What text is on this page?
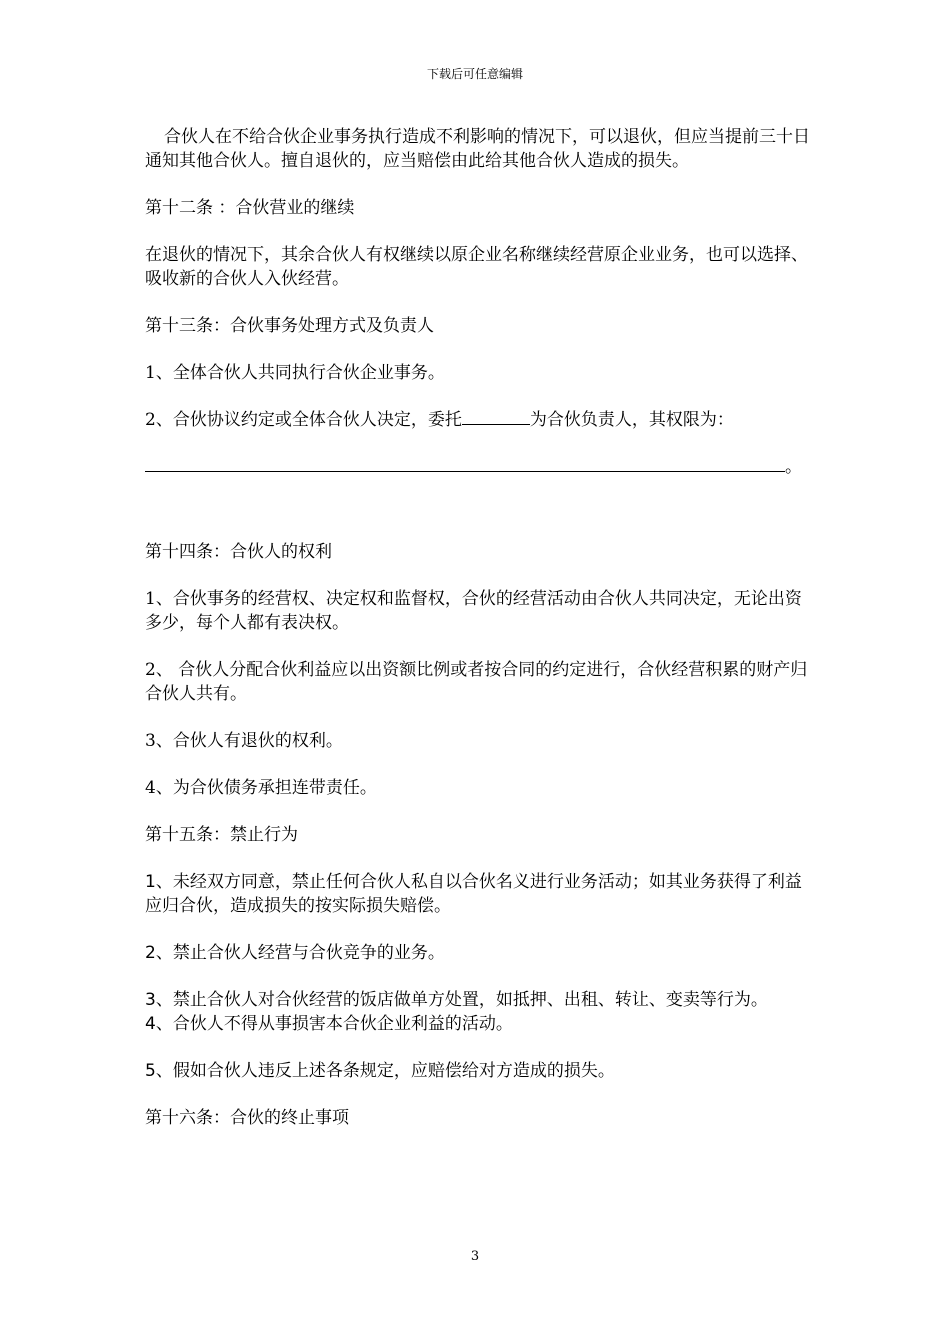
下载后可任意编辑

合伙人在不给合伙企业事务执行造成不利影响的情况下，可以退伙，但应当提前三十日通知其他合伙人。擅自退伙的，应当赔偿由此给其他合伙人造成的损失。

第十二条 ：合伙营业的继续

在退伙的情况下，其余合伙人有权继续以原企业名称继续经营原企业业务，也可以选择、吸收新的合伙人入伙经营。

第十三条：合伙事务处理方式及负责人

1、全体合伙人共同执行合伙企业事务。

2、合伙协议约定或全体合伙人决定，委托	为合伙负责人，其权限为：

。

第十四条：合伙人的权利

1、合伙事务的经营权、决定权和监督权，合伙的经营活动由合伙人共同决定，无论出资多少，每个人都有表决权。

2、 合伙人分配合伙利益应以出资额比例或者按合同的约定进行，合伙经营积累的财产归合伙人共有。

3、合伙人有退伙的权利。

4、为合伙债务承担连带责任。

第十五条：禁止行为

1、未经双方同意，禁止任何合伙人私自以合伙名义进行业务活动；如其业务获得了利益应归合伙，造成损失的按实际损失赔偿。

2、禁止合伙人经营与合伙竞争的业务。

3、禁止合伙人对合伙经营的饭店做单方处置，如抵押、出租、转让、变卖等行为。

4、合伙人不得从事损害本合伙企业利益的活动。

5、假如合伙人违反上述各条规定，应赔偿给对方造成的损失。

第十六条：合伙的终止事项

3
